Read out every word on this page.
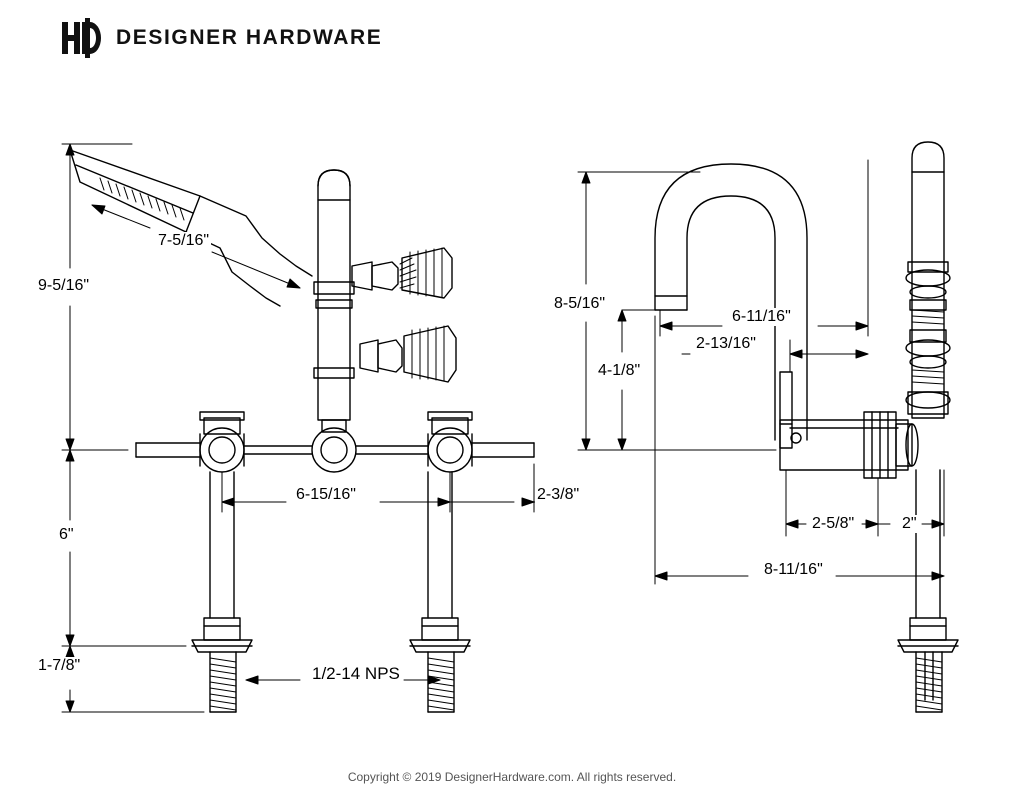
DESIGNER HARDWARE
7-5/16"
9-5/16"
6"
1-7/8"
6-15/16"	2-3/8"
1/2-14 NPS
8-5/16"
6-11/16"
2-13/16"
4-1/8"
2-5/8"	2"
8-11/16"
Copyright © 2019 DesignerHardware.com. All rights reserved.
